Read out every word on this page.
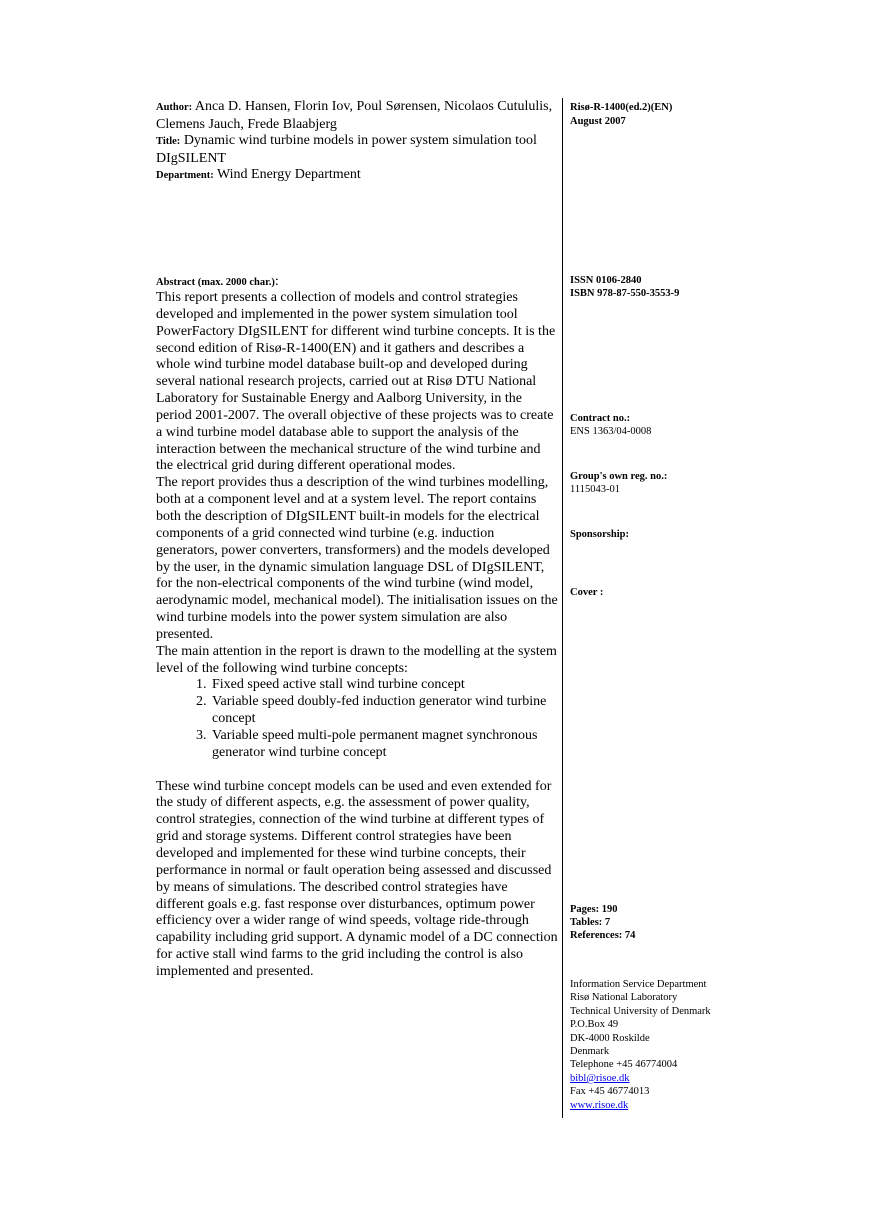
Author: Anca D. Hansen, Florin Iov, Poul Sørensen, Nicolaos Cutululis, Clemens Jauch, Frede Blaabjerg
Title: Dynamic wind turbine models in power system simulation tool DIgSILENT
Department: Wind Energy Department
Abstract (max. 2000 char.):

This report presents a collection of models and control strategies developed and implemented in the power system simulation tool PowerFactory DIgSILENT for different wind turbine concepts. It is the second edition of Risø-R-1400(EN) and it gathers and describes a whole wind turbine model database built-op and developed during several national research projects, carried out at Risø DTU National Laboratory for Sustainable Energy and Aalborg University, in the period 2001-2007. The overall objective of these projects was to create a wind turbine model database able to support the analysis of the interaction between the mechanical structure of the wind turbine and the electrical grid during different operational modes.

The report provides thus a description of the wind turbines modelling, both at a component level and at a system level. The report contains both the description of DIgSILENT built-in models for the electrical components of a grid connected wind turbine (e.g. induction generators, power converters, transformers) and the models developed by the user, in the dynamic simulation language DSL of DIgSILENT, for the non-electrical components of the wind turbine (wind model, aerodynamic model, mechanical model). The initialisation issues on the wind turbine models into the power system simulation are also presented.

The main attention in the report is drawn to the modelling at the system level of the following wind turbine concepts:

1. Fixed speed active stall wind turbine concept
2. Variable speed doubly-fed induction generator wind turbine concept
3. Variable speed multi-pole permanent magnet synchronous generator wind turbine concept

These wind turbine concept models can be used and even extended for the study of different aspects, e.g. the assessment of power quality, control strategies, connection of the wind turbine at different types of grid and storage systems. Different control strategies have been developed and implemented for these wind turbine concepts, their performance in normal or fault operation being assessed and discussed by means of simulations. The described control strategies have different goals e.g. fast response over disturbances, optimum power efficiency over a wider range of wind speeds, voltage ride-through capability including grid support. A dynamic model of a DC connection for active stall wind farms to the grid including the control is also implemented and presented.

Risø-R-1400(ed.2)(EN)
August 2007
ISSN 0106-2840
ISBN 978-87-550-3553-9
Contract no.:
ENS 1363/04-0008
Group's own reg. no.:
1115043-01
Sponsorship:
Cover :
Pages: 190
Tables: 7
References: 74
Information Service Department
Risø National Laboratory
Technical University of Denmark
P.O.Box 49
DK-4000 Roskilde
Denmark
Telephone +45 46774004
bibl@risoe.dk
Fax +45 46774013
www.risoe.dk
